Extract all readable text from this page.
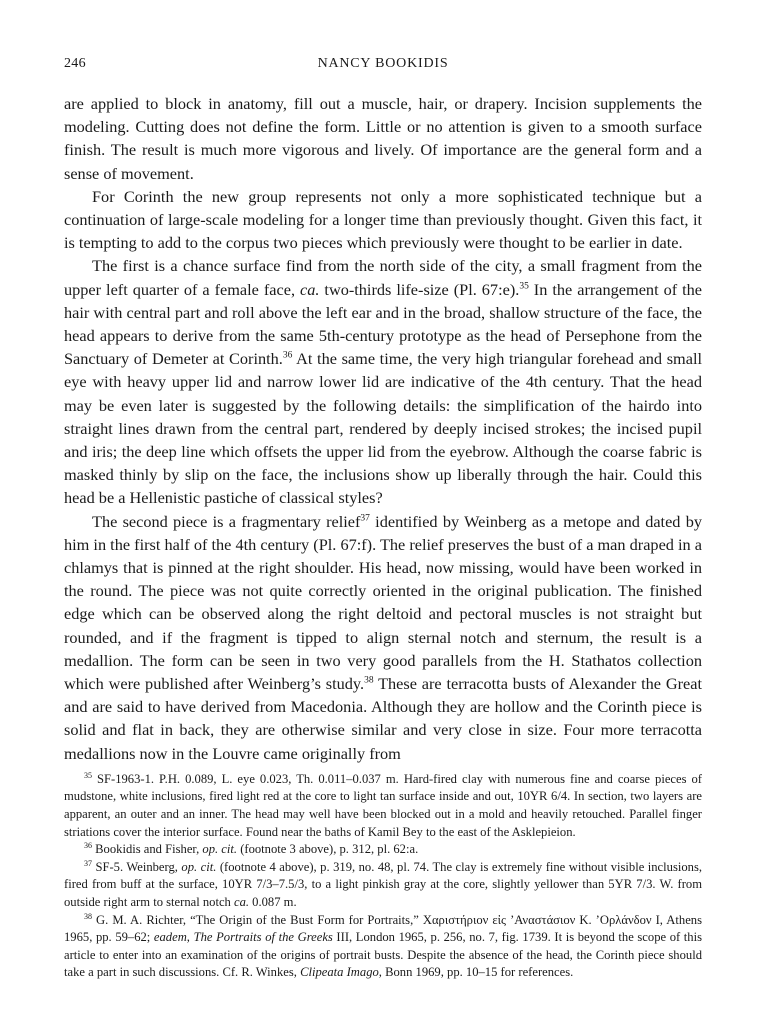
246	NANCY BOOKIDIS

are applied to block in anatomy, fill out a muscle, hair, or drapery. Incision supplements the modeling. Cutting does not define the form. Little or no attention is given to a smooth surface finish. The result is much more vigorous and lively. Of importance are the general form and a sense of movement.

For Corinth the new group represents not only a more sophisticated technique but a continuation of large-scale modeling for a longer time than previously thought. Given this fact, it is tempting to add to the corpus two pieces which previously were thought to be earlier in date.

The first is a chance surface find from the north side of the city, a small fragment from the upper left quarter of a female face, ca. two-thirds life-size (Pl. 67:e).$^{35}$ In the arrangement of the hair with central part and roll above the left ear and in the broad, shallow structure of the face, the head appears to derive from the same 5th-century prototype as the head of Persephone from the Sanctuary of Demeter at Corinth.$^{36}$ At the same time, the very high triangular forehead and small eye with heavy upper lid and narrow lower lid are indicative of the 4th century. That the head may be even later is suggested by the following details: the simplification of the hairdo into straight lines drawn from the central part, rendered by deeply incised strokes; the incised pupil and iris; the deep line which offsets the upper lid from the eyebrow. Although the coarse fabric is masked thinly by slip on the face, the inclusions show up liberally through the hair. Could this head be a Hellenistic pastiche of classical styles?

The second piece is a fragmentary relief$^{37}$ identified by Weinberg as a metope and dated by him in the first half of the 4th century (Pl. 67:f). The relief preserves the bust of a man draped in a chlamys that is pinned at the right shoulder. His head, now missing, would have been worked in the round. The piece was not quite correctly oriented in the original publication. The finished edge which can be observed along the right deltoid and pectoral muscles is not straight but rounded, and if the fragment is tipped to align sternal notch and sternum, the result is a medallion. The form can be seen in two very good parallels from the H. Stathatos collection which were published after Weinberg’s study.$^{38}$ These are terracotta busts of Alexander the Great and are said to have derived from Macedonia. Although they are hollow and the Corinth piece is solid and flat in back, they are otherwise similar and very close in size. Four more terracotta medallions now in the Louvre came originally from

$^{35}$ SF-1963-1. P.H. 0.089, L. eye 0.023, Th. 0.011–0.037 m. Hard-fired clay with numerous fine and coarse pieces of mudstone, white inclusions, fired light red at the core to light tan surface inside and out, 10YR 6/4. In section, two layers are apparent, an outer and an inner. The head may well have been blocked out in a mold and heavily retouched. Parallel finger striations cover the interior surface. Found near the baths of Kamil Bey to the east of the Asklepieion.

$^{36}$ Bookidis and Fisher, op. cit. (footnote 3 above), p. 312, pl. 62:a.

$^{37}$ SF-5. Weinberg, op. cit. (footnote 4 above), p. 319, no. 48, pl. 74. The clay is extremely fine without visible inclusions, fired from buff at the surface, 10YR 7/3–7.5/3, to a light pinkish gray at the core, slightly yellower than 5YR 7/3. W. from outside right arm to sternal notch ca. 0.087 m.

$^{38}$ G. M. A. Richter, “The Origin of the Bust Form for Portraits,” Χαριστήριον εἰς ’Αναστάσιον Κ. ’Ορλάνδον I, Athens 1965, pp. 59–62; eadem, The Portraits of the Greeks III, London 1965, p. 256, no. 7, fig. 1739. It is beyond the scope of this article to enter into an examination of the origins of portrait busts. Despite the absence of the head, the Corinth piece should take a part in such discussions. Cf. R. Winkes, Clipeata Imago, Bonn 1969, pp. 10–15 for references.
